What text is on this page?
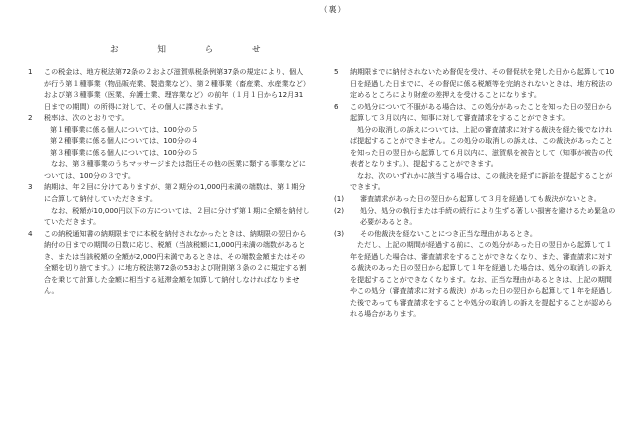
（裏）
お 知 ら せ
1	この税金は、地方税法第72条の２および滋賀県税条例第37条の規定により、個人が行う第１種事業（物品販売業、製造業など）、第２種事業（畜産業、水産業など）および第３種事業（医業、弁護士業、理容業など）の前年（１月１日から12月31日までの期間）の所得に対して、その個人に課されます。
2	税率は、次のとおりです。
第１種事業に係る個人については、100分の５
第２種事業に係る個人については、100分の４
第３種事業に係る個人については、100分の５
なお、第３種事業のうちマッサージまたは指圧その他の医業に類する事業などについては、100分の３です。
3	納期は、年２回に分けてありますが、第２期分の1,000円未満の端数は、第１期分に合算して納付していただきます。
なお、税額が10,000円以下の方については、２回に分けず第１期に全額を納付していただきます。
4	この納税通知書の納期限までに本税を納付されなかったときは、納期限の翌日から納付の日までの期間の日数に応じ、税額（当該税額に1,000円未満の端数があるとき、または当該税額の全額が2,000円未満であるときは、その端数金額またはその全額を切り捨てます。）に地方税法第72条の53および附則第３条の２に規定する割合を乗じて計算した金額に相当する延滞金額を加算して納付しなければなりません。
5	納期限までに納付されないため督促を受け、その督促状を発した日から起算して10日を経過した日までに、その督促に係る税額等を完納されないときは、地方税法の定めるところにより財産の差押えを受けることになります。
6	この処分について不服がある場合は、この処分があったことを知った日の翌日から起算して３月以内に、知事に対して審査請求をすることができます。
処分の取消しの訴えについては、上記の審査請求に対する裁決を経た後でなければ提起することができません。この処分の取消しの訴えは、この裁決があったことを知った日の翌日から起算して６月以内に、滋賀県を被告として（知事が被告の代表者となります。）、提起することができます。
なお、次のいずれかに該当する場合は、この裁決を経ずに訴訟を提起することができます。
(1)	審査請求があった日の翌日から起算して３月を経過しても裁決がないとき。
(2)	処分、処分の執行または手続の続行により生ずる著しい損害を避けるため緊急の必要があるとき。
(3)	その他裁決を経ないことにつき正当な理由があるとき。
ただし、上記の期間が経過する前に、この処分があった日の翌日から起算して１年を経過した場合は、審査請求をすることができなくなり、また、審査請求に対する裁決のあった日の翌日から起算して１年を経過した場合は、処分の取消しの訴えを提起することができなくなります。なお、正当な理由があるときは、上記の期間やこの処分（審査請求に対する裁決）があった日の翌日から起算して１年を経過した後であっても審査請求をすることや処分の取消しの訴えを提起することが認められる場合があります。
